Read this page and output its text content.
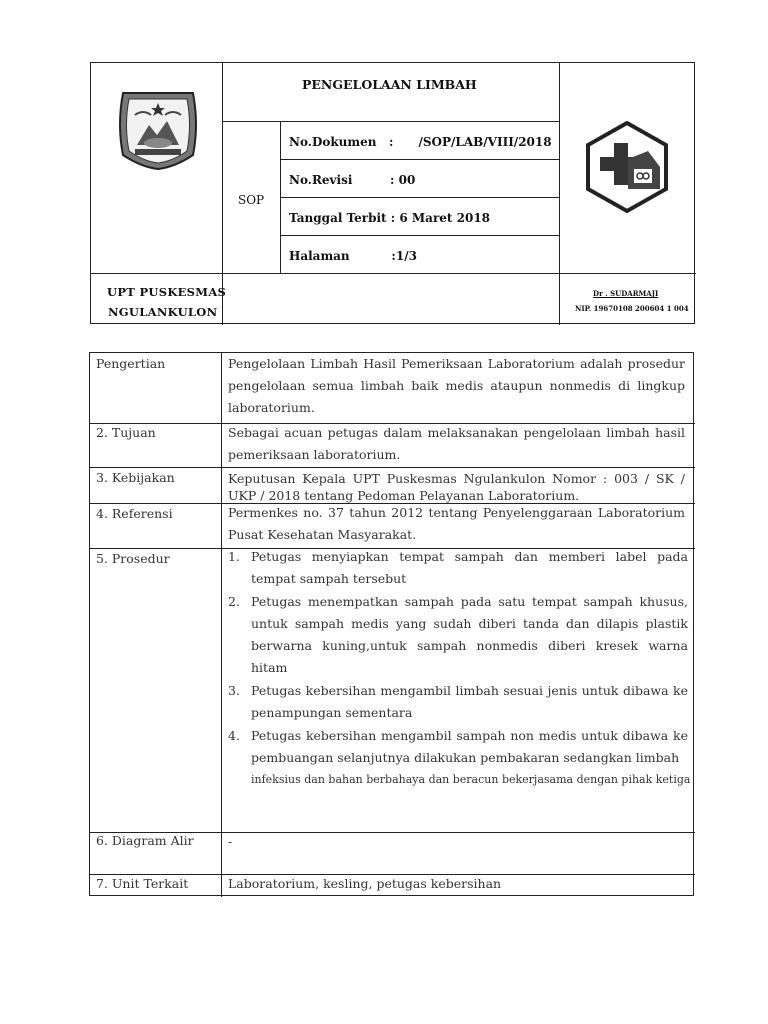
PENGELOLAAN LIMBAH
SOP
No.Dokumen   :      /SOP/LAB/VIII/2018
No.Revisi         : 00
Tanggal Terbit : 6 Maret 2018
Halaman          :1/3
UPT PUSKESMAS
NGULANKULON
Dr . SUDARMAJI
NIP. 19670108 200604 1 004
Pengertian	Pengelolaan Limbah Hasil Pemeriksaan Laboratorium adalah prosedur pengelolaan semua limbah baik medis ataupun nonmedis di lingkup laboratorium.
2. Tujuan	Sebagai acuan petugas dalam melaksanakan pengelolaan limbah hasil pemeriksaan laboratorium.
3. Kebijakan	Keputusan Kepala UPT Puskesmas Ngulankulon Nomor : 003 / SK / UKP / 2018 tentang Pedoman Pelayanan Laboratorium.
4. Referensi	Permenkes no. 37 tahun 2012 tentang Penyelenggaraan Laboratorium Pusat Kesehatan Masyarakat.
5. Prosedur	1. Petugas menyiapkan tempat sampah dan memberi label pada tempat sampah tersebut
2. Petugas menempatkan sampah pada satu tempat sampah khusus, untuk sampah medis yang sudah diberi tanda dan dilapis plastik berwarna kuning,untuk sampah nonmedis diberi kresek warna hitam
3. Petugas kebersihan mengambil limbah sesuai jenis untuk dibawa ke penampungan sementara
4. Petugas kebersihan mengambil sampah non medis untuk dibawa ke pembuangan selanjutnya dilakukan pembakaran sedangkan limbah
infeksius dan bahan berbahaya dan beracun bekerjasama dengan pihak ketiga
6. Diagram Alir	-
7. Unit Terkait	Laboratorium, kesling, petugas kebersihan
